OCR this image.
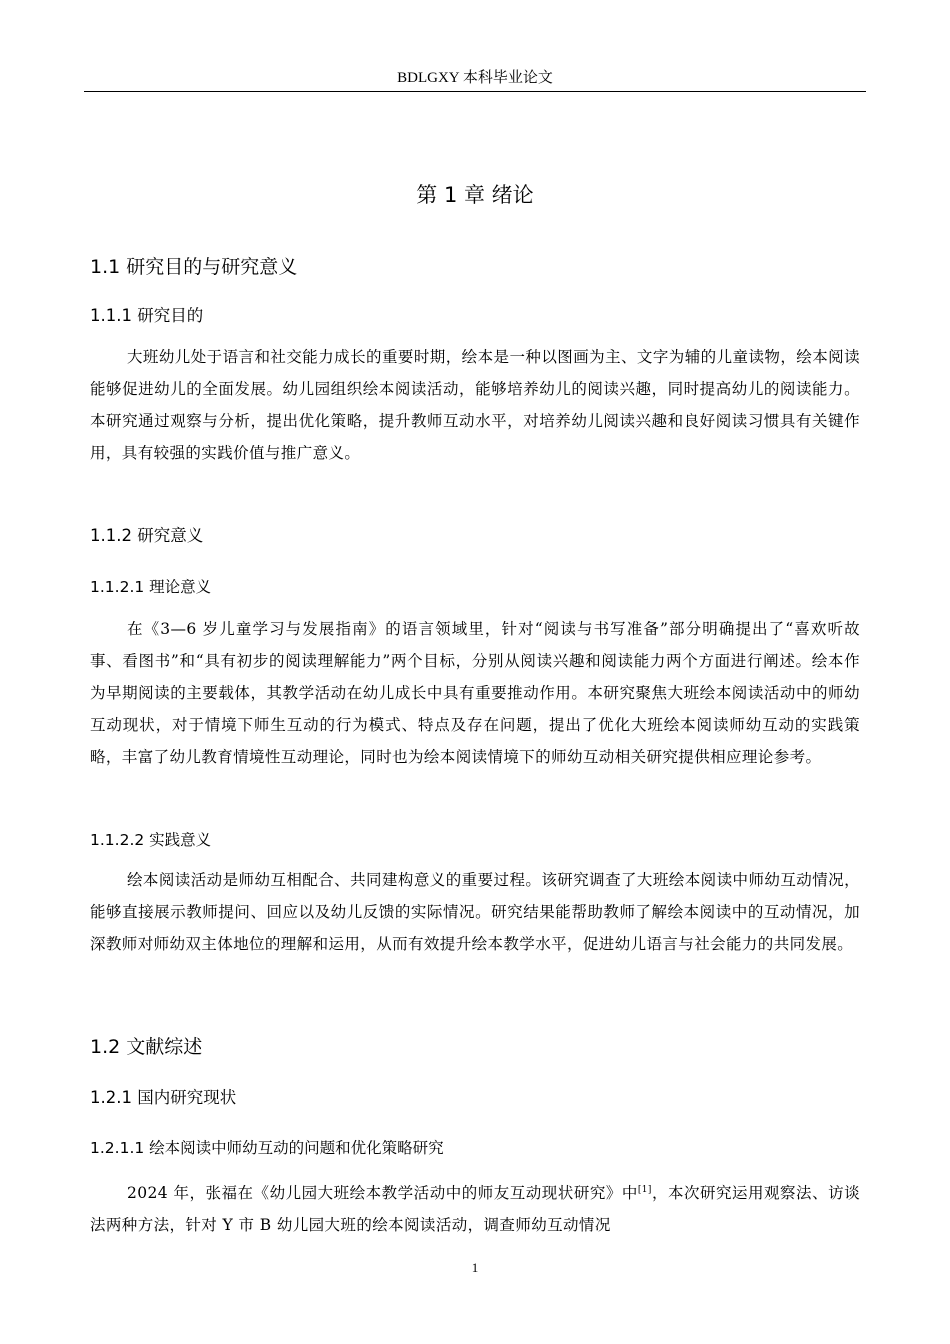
BDLGXY 本科毕业论文
第 1 章 绪论
1.1 研究目的与研究意义
1.1.1 研究目的

大班幼儿处于语言和社交能力成长的重要时期，绘本是一种以图画为主、文字为辅的儿童读物，绘本阅读能够促进幼儿的全面发展。幼儿园组织绘本阅读活动，能够培养幼儿的阅读兴趣，同时提高幼儿的阅读能力。本研究通过观察与分析，提出优化策略，提升教师互动水平，对培养幼儿阅读兴趣和良好阅读习惯具有关键作用，具有较强的实践价值与推广意义。

1.1.2 研究意义
1.1.2.1 理论意义

在《3—6 岁儿童学习与发展指南》的语言领域里，针对“阅读与书写准备”部分明确提出了“喜欢听故事、看图书”和“具有初步的阅读理解能力”两个目标，分别从阅读兴趣和阅读能力两个方面进行阐述。绘本作为早期阅读的主要载体，其教学活动在幼儿成长中具有重要推动作用。本研究聚焦大班绘本阅读活动中的师幼互动现状，对于情境下师生互动的行为模式、特点及存在问题，提出了优化大班绘本阅读师幼互动的实践策略，丰富了幼儿教育情境性互动理论，同时也为绘本阅读情境下的师幼互动相关研究提供相应理论参考。

1.1.2.2 实践意义

绘本阅读活动是师幼互相配合、共同建构意义的重要过程。该研究调查了大班绘本阅读中师幼互动情况，能够直接展示教师提问、回应以及幼儿反馈的实际情况。研究结果能帮助教师了解绘本阅读中的互动情况，加深教师对师幼双主体地位的理解和运用，从而有效提升绘本教学水平，促进幼儿语言与社会能力的共同发展。

1.2 文献综述
1.2.1 国内研究现状
1.2.1.1 绘本阅读中师幼互动的问题和优化策略研究

2024 年，张福在《幼儿园大班绘本教学活动中的师友互动现状研究》中[1]，本次研究运用观察法、访谈法两种方法，针对 Y 市 B 幼儿园大班的绘本阅读活动，调查师幼互动情况

1
